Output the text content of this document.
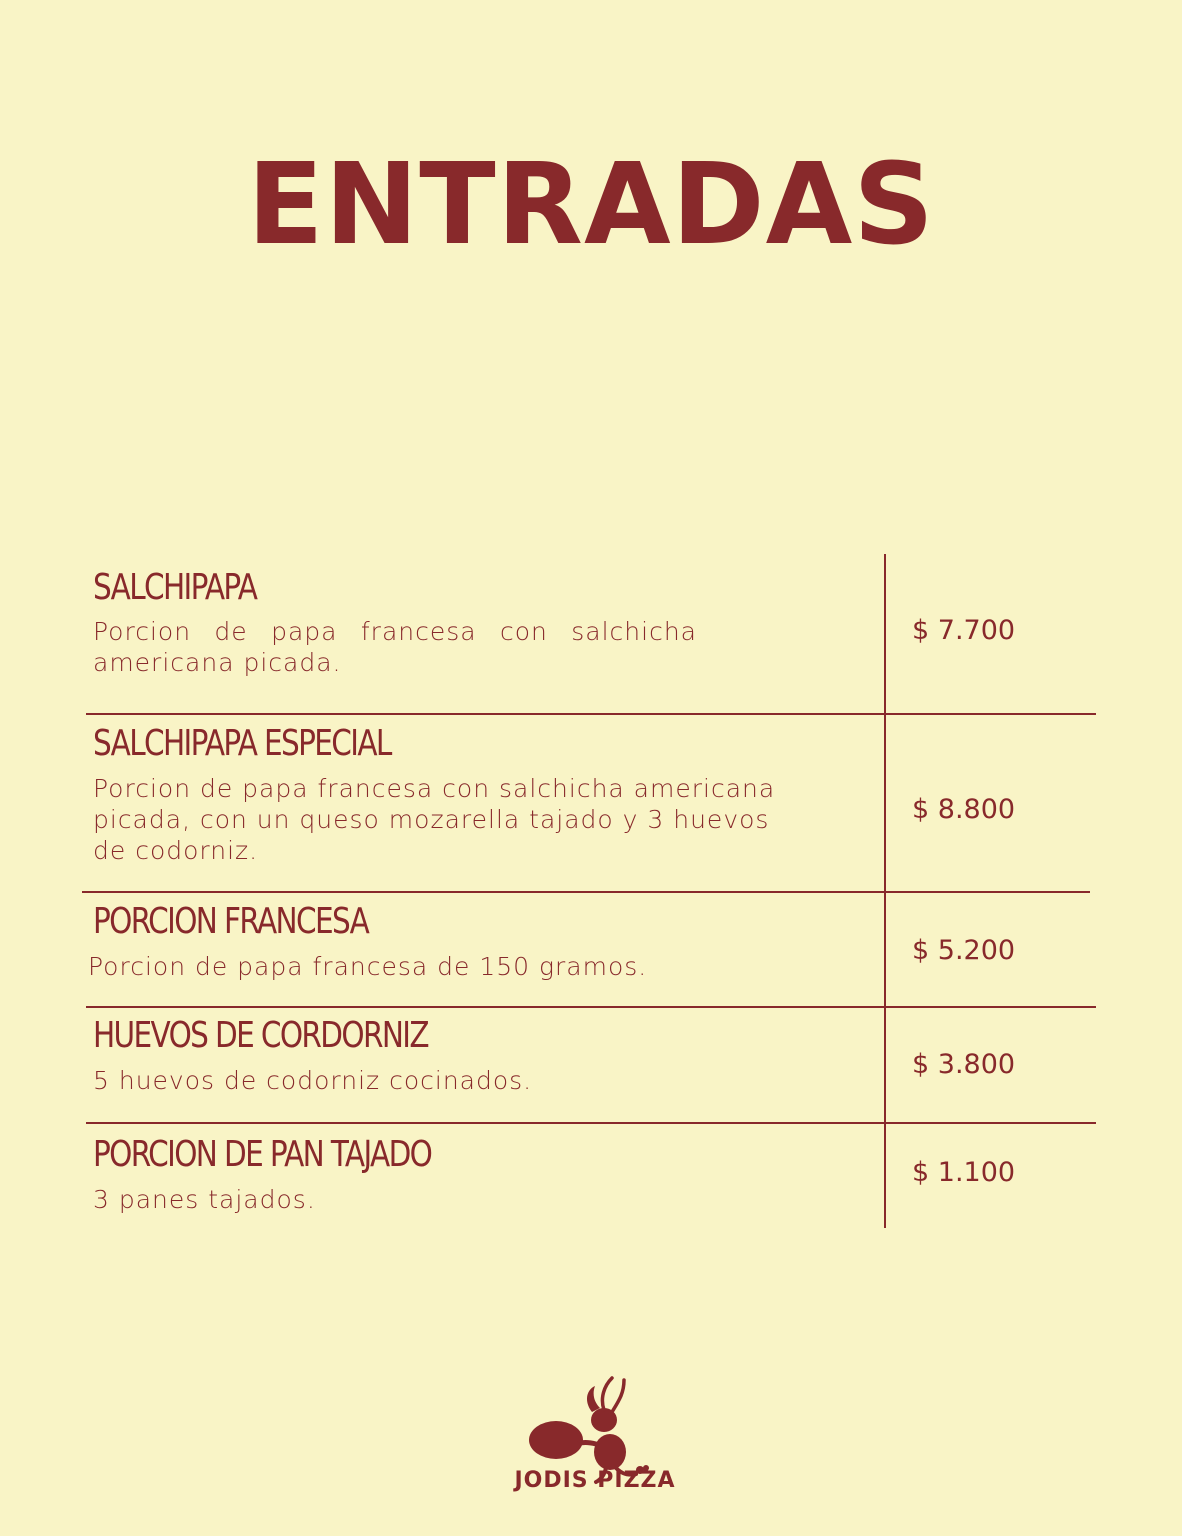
ENTRADAS
SALCHIPAPA
Porcion de papa francesa con salchicha americana picada.
$ 7.700
SALCHIPAPA ESPECIAL
Porcion de papa francesa con salchicha americana picada, con un queso mozarella tajado y 3 huevos de codorniz.
$ 8.800
PORCION FRANCESA
Porcion de papa francesa de 150 gramos.
$ 5.200
HUEVOS DE CORDORNIZ
5 huevos de codorniz cocinados.
$ 3.800
PORCION DE PAN TAJADO
3 panes tajados.
$ 1.100
JODIS PIZZA
